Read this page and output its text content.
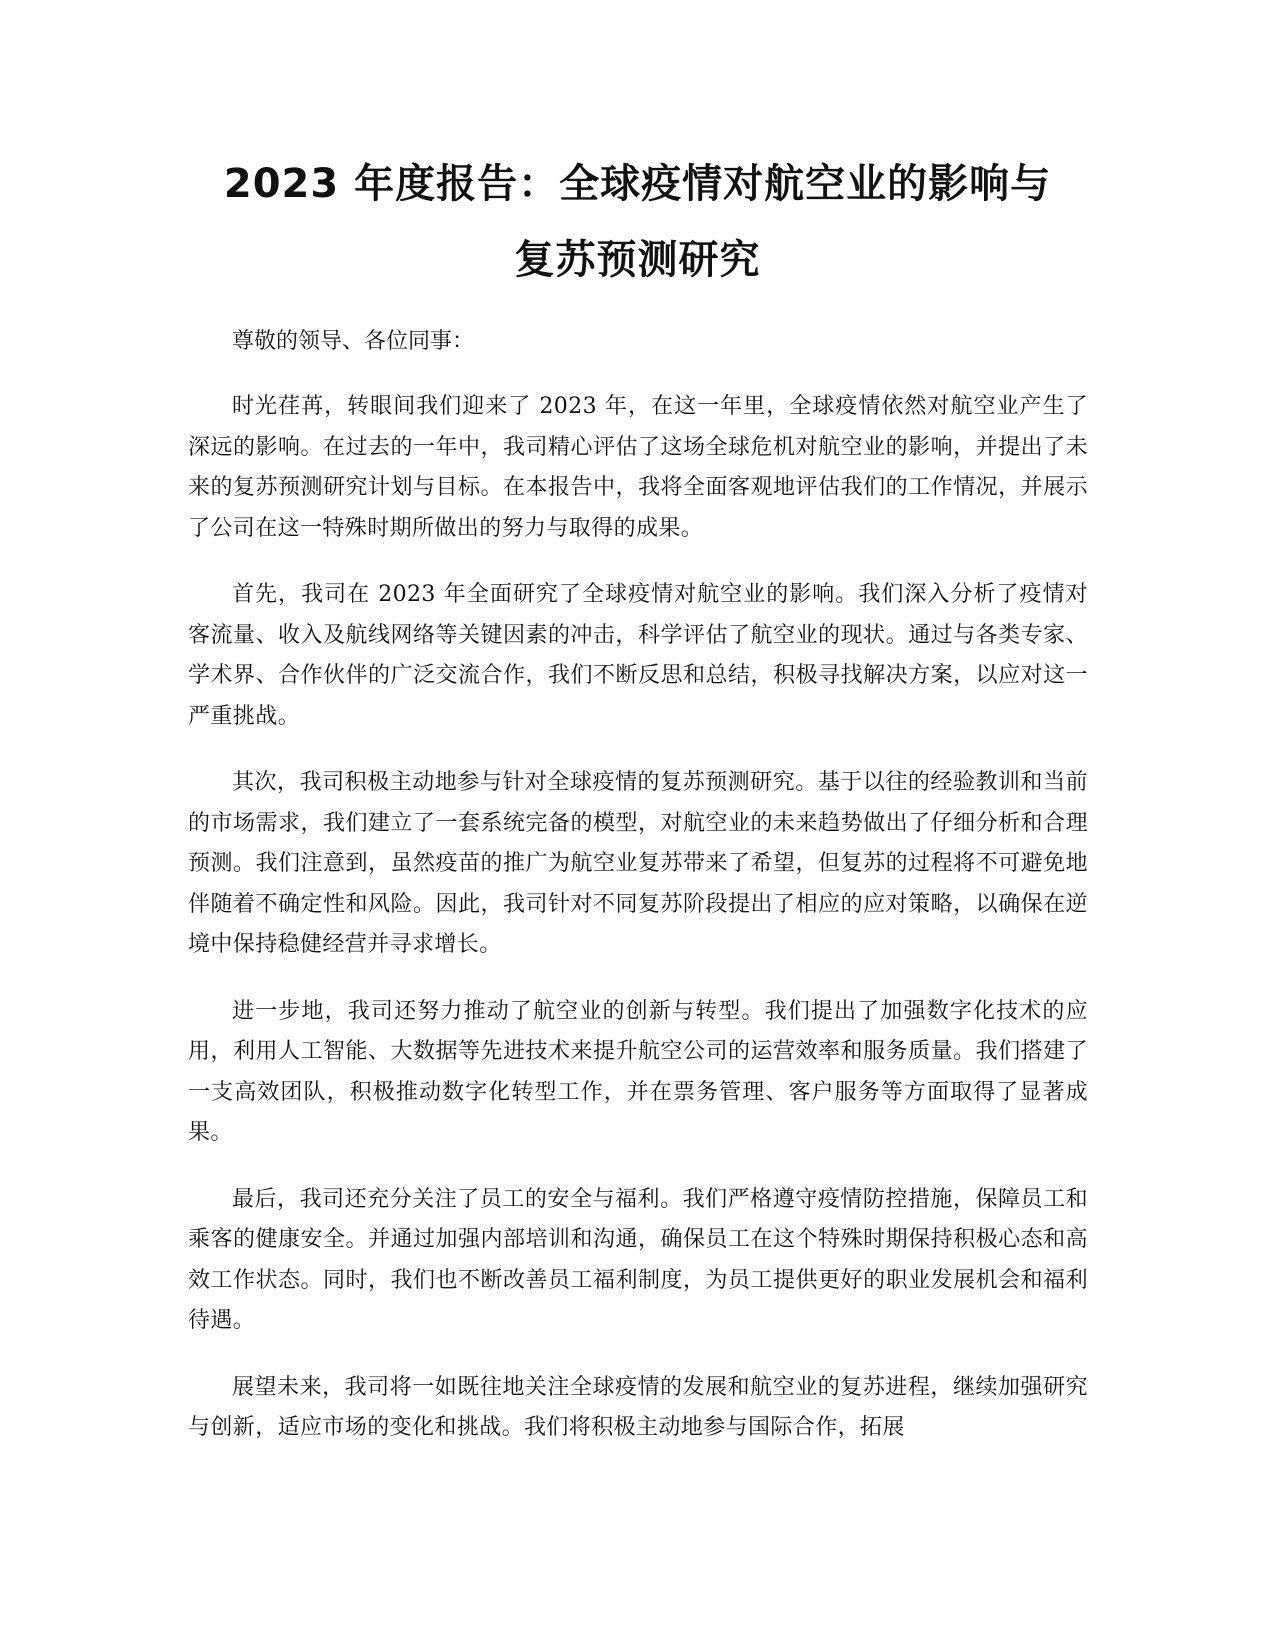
2023 年度报告：全球疫情对航空业的影响与
复苏预测研究

尊敬的领导、各位同事：

时光荏苒，转眼间我们迎来了 2023 年，在这一年里，全球疫情依然对航空业产生了深远的影响。在过去的一年中，我司精心评估了这场全球危机对航空业的影响，并提出了未来的复苏预测研究计划与目标。在本报告中，我将全面客观地评估我们的工作情况，并展示了公司在这一特殊时期所做出的努力与取得的成果。

首先，我司在 2023 年全面研究了全球疫情对航空业的影响。我们深入分析了疫情对客流量、收入及航线网络等关键因素的冲击，科学评估了航空业的现状。通过与各类专家、学术界、合作伙伴的广泛交流合作，我们不断反思和总结，积极寻找解决方案，以应对这一严重挑战。

其次，我司积极主动地参与针对全球疫情的复苏预测研究。基于以往的经验教训和当前的市场需求，我们建立了一套系统完备的模型，对航空业的未来趋势做出了仔细分析和合理预测。我们注意到，虽然疫苗的推广为航空业复苏带来了希望，但复苏的过程将不可避免地伴随着不确定性和风险。因此，我司针对不同复苏阶段提出了相应的应对策略，以确保在逆境中保持稳健经营并寻求增长。

进一步地，我司还努力推动了航空业的创新与转型。我们提出了加强数字化技术的应用，利用人工智能、大数据等先进技术来提升航空公司的运营效率和服务质量。我们搭建了一支高效团队，积极推动数字化转型工作，并在票务管理、客户服务等方面取得了显著成果。

最后，我司还充分关注了员工的安全与福利。我们严格遵守疫情防控措施，保障员工和乘客的健康安全。并通过加强内部培训和沟通，确保员工在这个特殊时期保持积极心态和高效工作状态。同时，我们也不断改善员工福利制度，为员工提供更好的职业发展机会和福利待遇。

展望未来，我司将一如既往地关注全球疫情的发展和航空业的复苏进程，继续加强研究与创新，适应市场的变化和挑战。我们将积极主动地参与国际合作，拓展
